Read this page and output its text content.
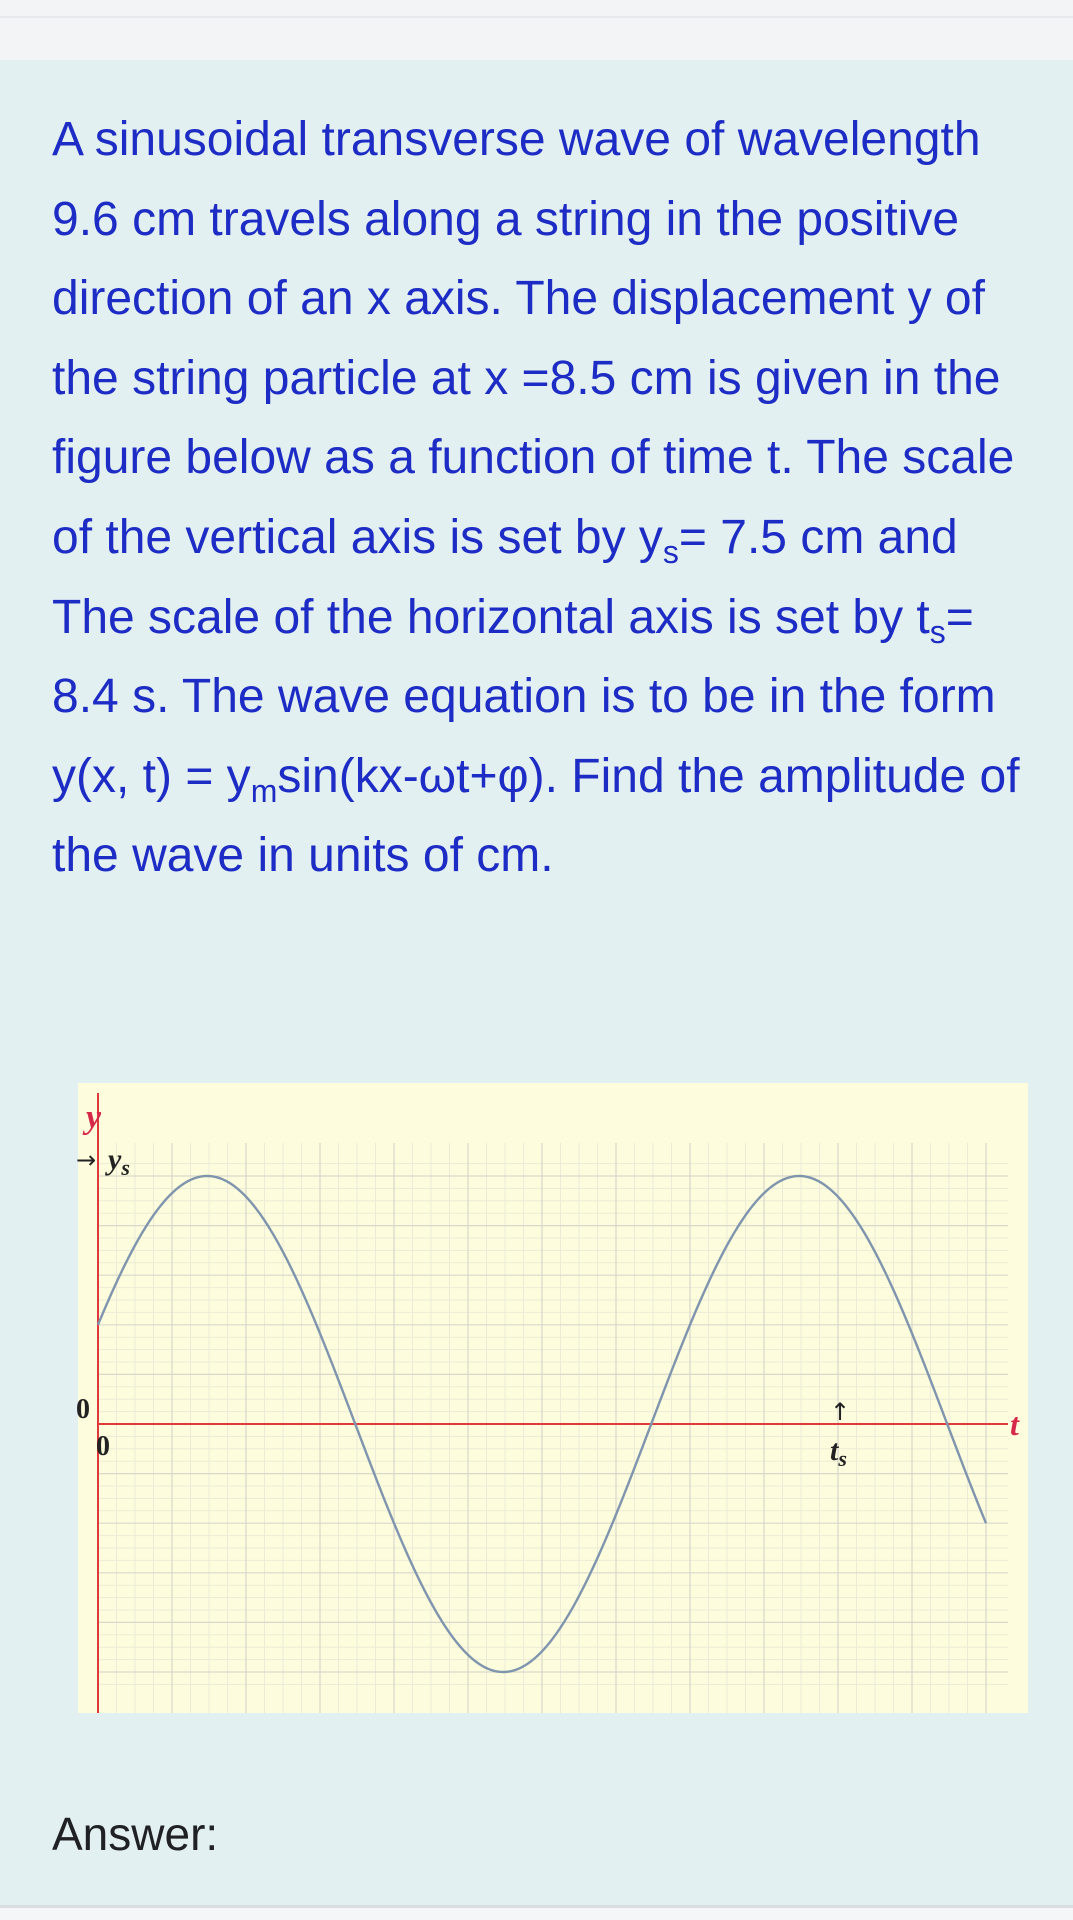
A sinusoidal transverse wave of wavelength 9.6 cm travels along a string in the positive direction of an x axis. The displacement y of the string particle at x =8.5 cm is given in the figure below as a function of time t. The scale of the vertical axis is set by $y_s= 7.5$ cm and The scale of the horizontal axis is set by $t_s= 8.4$ s. The wave equation is to be in the form y(x, $t) = y_m\sin(kx-\omega t+\varphi)$. Find the amplitude of the wave in units of cm.

y
→ $y_s$
0
0
↑
$t_s$
t
Answer:
